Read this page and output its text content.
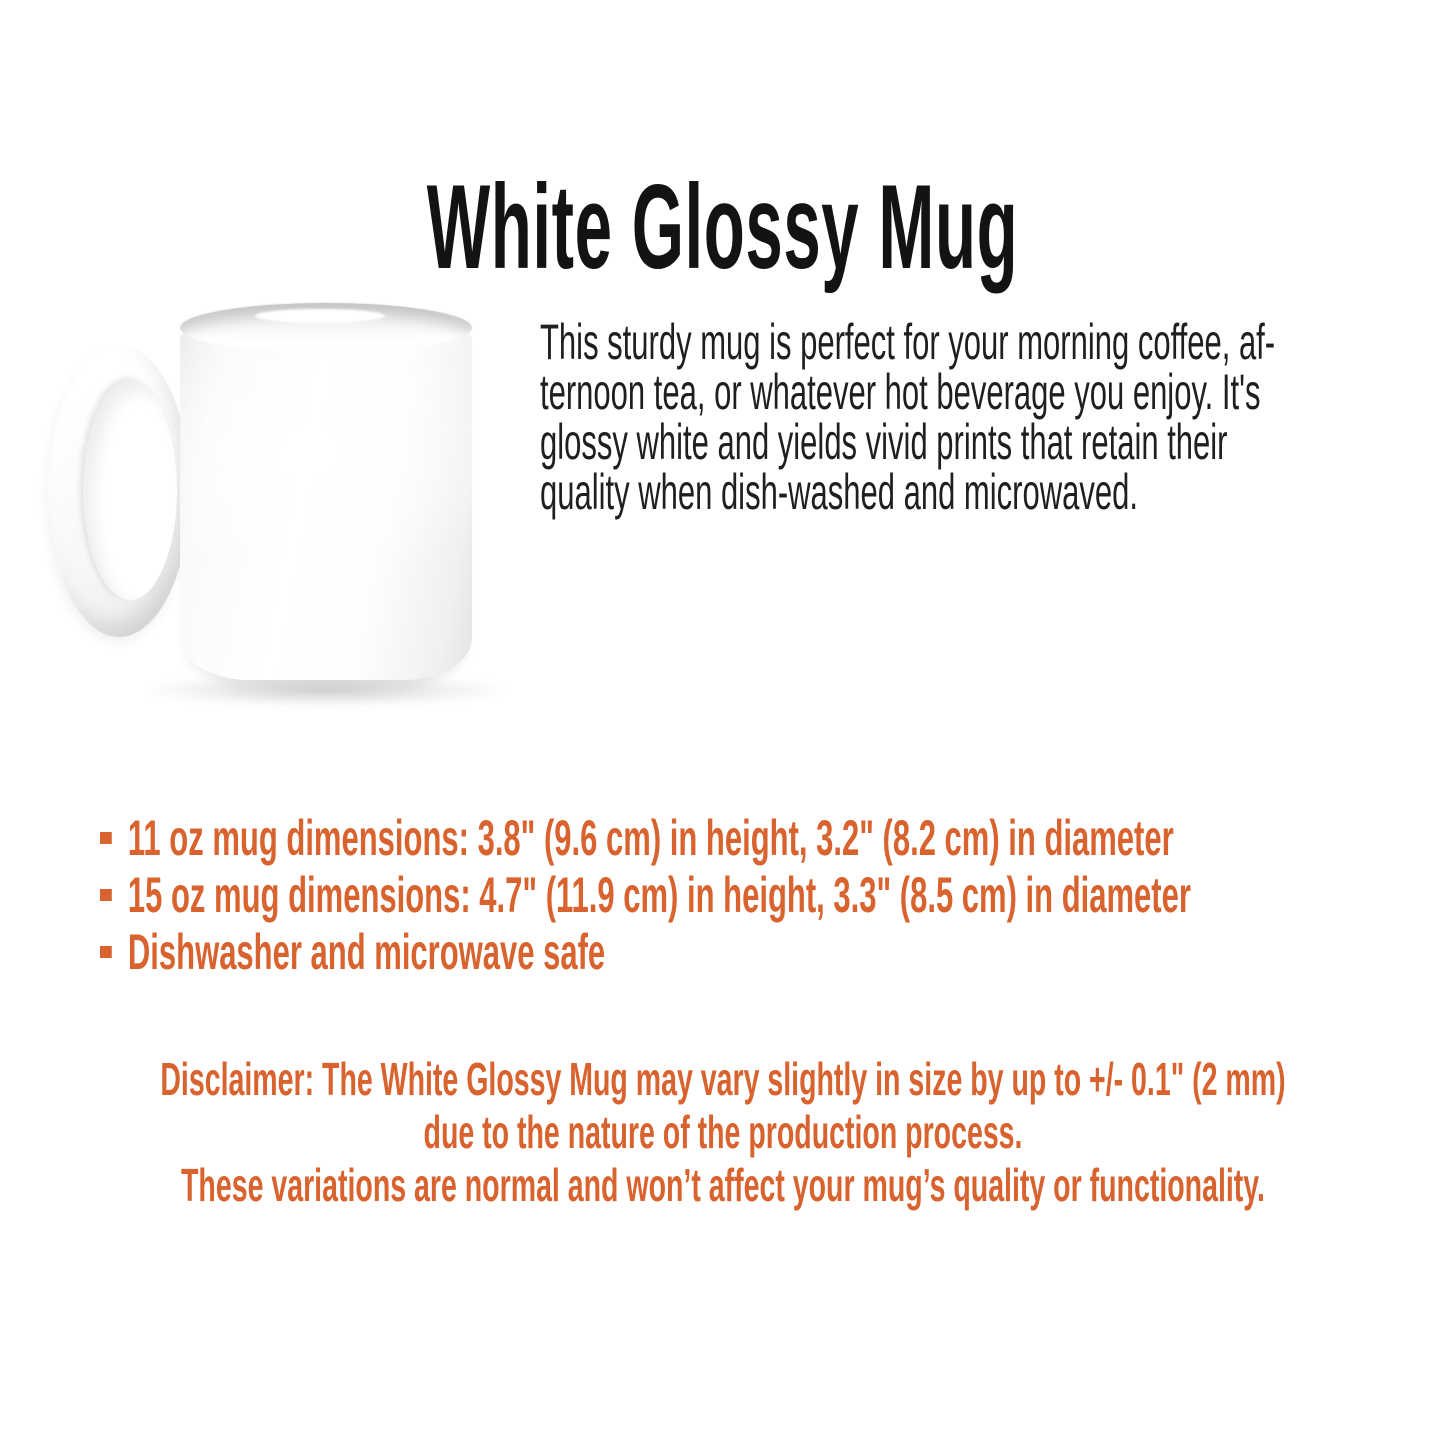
White Glossy Mug
This sturdy mug is perfect for your morning coffee, af-
ternoon tea, or whatever hot beverage you enjoy. It's
glossy white and yields vivid prints that retain their
quality when dish-washed and microwaved.
11 oz mug dimensions: 3.8" (9.6 cm) in height, 3.2" (8.2 cm) in diameter
15 oz mug dimensions: 4.7" (11.9 cm) in height, 3.3" (8.5 cm) in diameter
Dishwasher and microwave safe
Disclaimer: The White Glossy Mug may vary slightly in size by up to +/- 0.1" (2 mm)
due to the nature of the production process.
These variations are normal and won’t affect your mug’s quality or functionality.
